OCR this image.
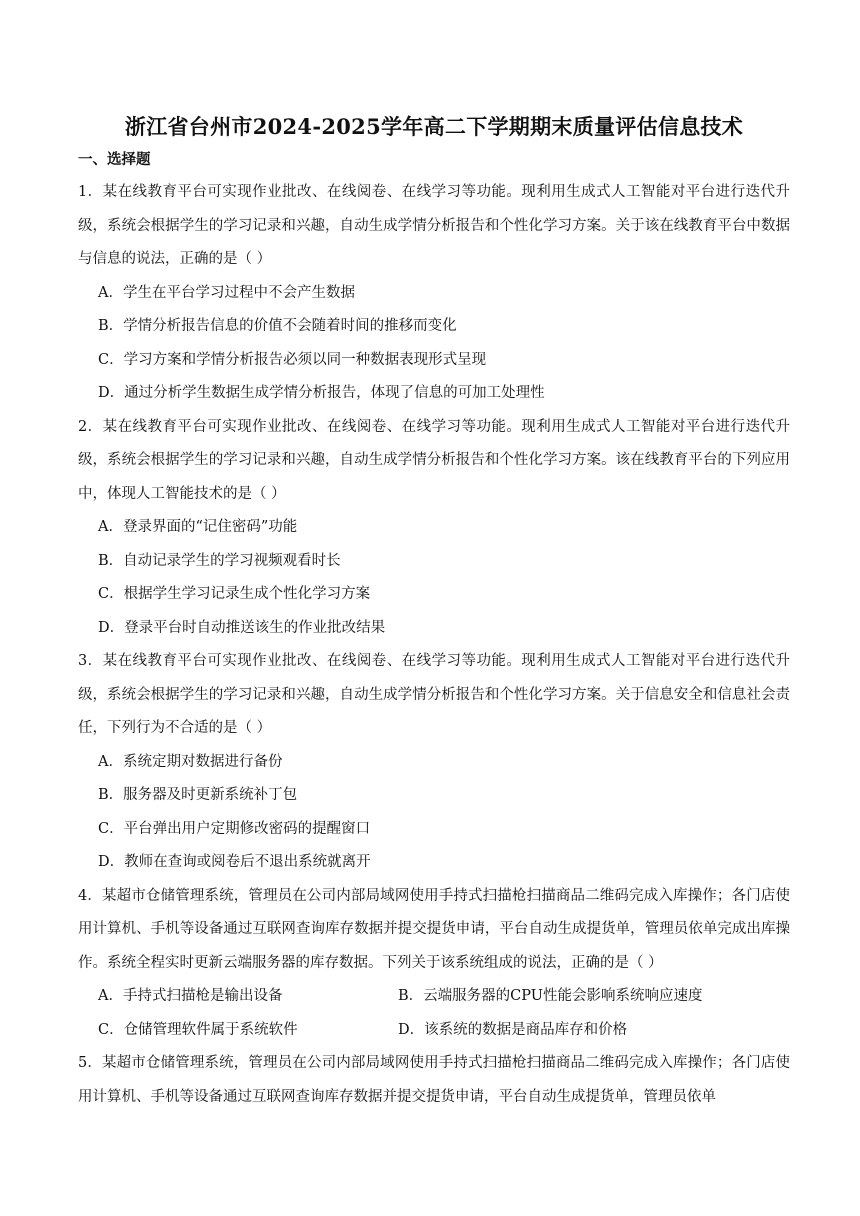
浙江省台州市2024-2025学年高二下学期期末质量评估信息技术
一、选择题

1．某在线教育平台可实现作业批改、在线阅卷、在线学习等功能。现利用生成式人工智能对平台进行迭代升级，系统会根据学生的学习记录和兴趣，自动生成学情分析报告和个性化学习方案。关于该在线教育平台中数据与信息的说法，正确的是（ ）

A．学生在平台学习过程中不会产生数据

B．学情分析报告信息的价值不会随着时间的推移而变化

C．学习方案和学情分析报告必须以同一种数据表现形式呈现

D．通过分析学生数据生成学情分析报告，体现了信息的可加工处理性

2．某在线教育平台可实现作业批改、在线阅卷、在线学习等功能。现利用生成式人工智能对平台进行迭代升级，系统会根据学生的学习记录和兴趣，自动生成学情分析报告和个性化学习方案。该在线教育平台的下列应用中，体现人工智能技术的是（ ）

A．登录界面的“记住密码”功能

B．自动记录学生的学习视频观看时长

C．根据学生学习记录生成个性化学习方案

D．登录平台时自动推送该生的作业批改结果

3．某在线教育平台可实现作业批改、在线阅卷、在线学习等功能。现利用生成式人工智能对平台进行迭代升级，系统会根据学生的学习记录和兴趣，自动生成学情分析报告和个性化学习方案。关于信息安全和信息社会责任，下列行为不合适的是（ ）

A．系统定期对数据进行备份

B．服务器及时更新系统补丁包

C．平台弹出用户定期修改密码的提醒窗口

D．教师在查询或阅卷后不退出系统就离开

4．某超市仓储管理系统，管理员在公司内部局域网使用手持式扫描枪扫描商品二维码完成入库操作；各门店使用计算机、手机等设备通过互联网查询库存数据并提交提货申请，平台自动生成提货单，管理员依单完成出库操作。系统全程实时更新云端服务器的库存数据。下列关于该系统组成的说法，正确的是（ ）

A．手持式扫描枪是输出设备	B．云端服务器的CPU性能会影响系统响应速度
C．仓储管理软件属于系统软件	D．该系统的数据是商品库存和价格

5．某超市仓储管理系统，管理员在公司内部局域网使用手持式扫描枪扫描商品二维码完成入库操作；各门店使用计算机、手机等设备通过互联网查询库存数据并提交提货申请，平台自动生成提货单，管理员依单
